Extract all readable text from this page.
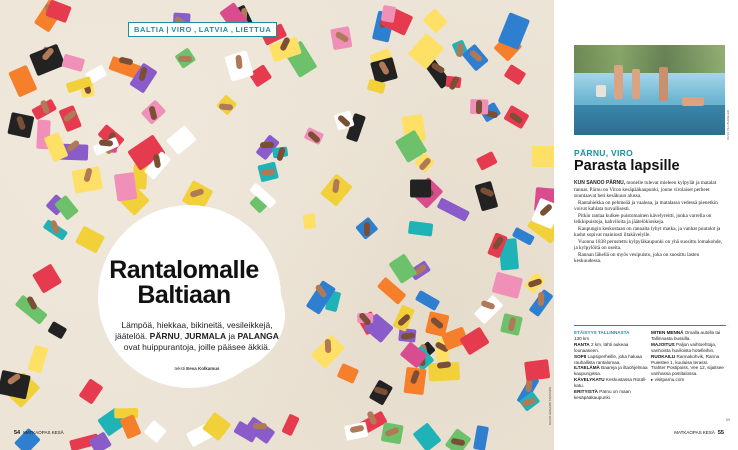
BALTIA | VIRO , LATVIA , LIETTUA
Rantalomalle
Baltiaan
Lämpöä, hiekkaa, bikineitä, vesileikkejä, jäätelöä. PÄRNU, JURMALA ja PALANGA ovat huippurantoja, joille pääsee äkkiä.
teksti Eeva Kolkamus
54 MATKAOPAS KESÄ
KUVAT EDGARS TARANDS
KUVA TILL BURGLER
PÄRNU, VIRO
Parasta lapsille

KUN SANOO PÄRNU, monelle tulevat mieleen kylpylät ja matalat rannat. Pärnu on Viron kesäpääkaupunki, jonne virolaiset perheet suuntaavat heti kesäkuun alussa.

Rantahiekka on pehmeää ja vaaleaa, ja matalassa vedessä pienetkin voivat kahlata turvallisesti.

Pitkin rantaa kulkee puistomainen kävelyreitti, jonka varrella on leikkipuistoja, kahviloita ja jäätelökioskeja.

Kaupungin keskustaan on rannalta lyhyt matka, ja vanhat puutalot ja kadut sopivat mainiosti iltakävelylle.

Vuonna 1838 perustettu kylpyläkaupunki on yhä suosittu lomakohde, ja kylpylöitä on useita.

Rannan lähellä on myös vesipuisto, joka on suosittu lasten keskuudessa.

ETÄISYYS TALLINNASTA
130 km
RANTA 2 km, lähti aukeaa lounaaseen.
SOPII Lapsiperheille, joka haluaa rauhallista rantalomaa.
ILTAELÄMÄ Baareja ja iltaohjelmaa kaupungissa.
KÄVELYKATU Keskustassa Rüütli-katu.
ERITYISTÄ Pärnu on maan kesäpääkaupunki.
MITEN MENNÄ Omalla autolla tai Tallinnasta bussilla.
MAJOITUS Paljon vaihtoehtoja, vanhoista huviloista hotelleihin.
RUOKAILU Rannakohvik, Ranna Puiestee 1, kuuluisa terassi.
Trahter Postipoiss, Vee 12, sijaitsee vanhassa postitalossa.
▸ visitparnu.com
59
MATKAOPAS KESÄ 55
